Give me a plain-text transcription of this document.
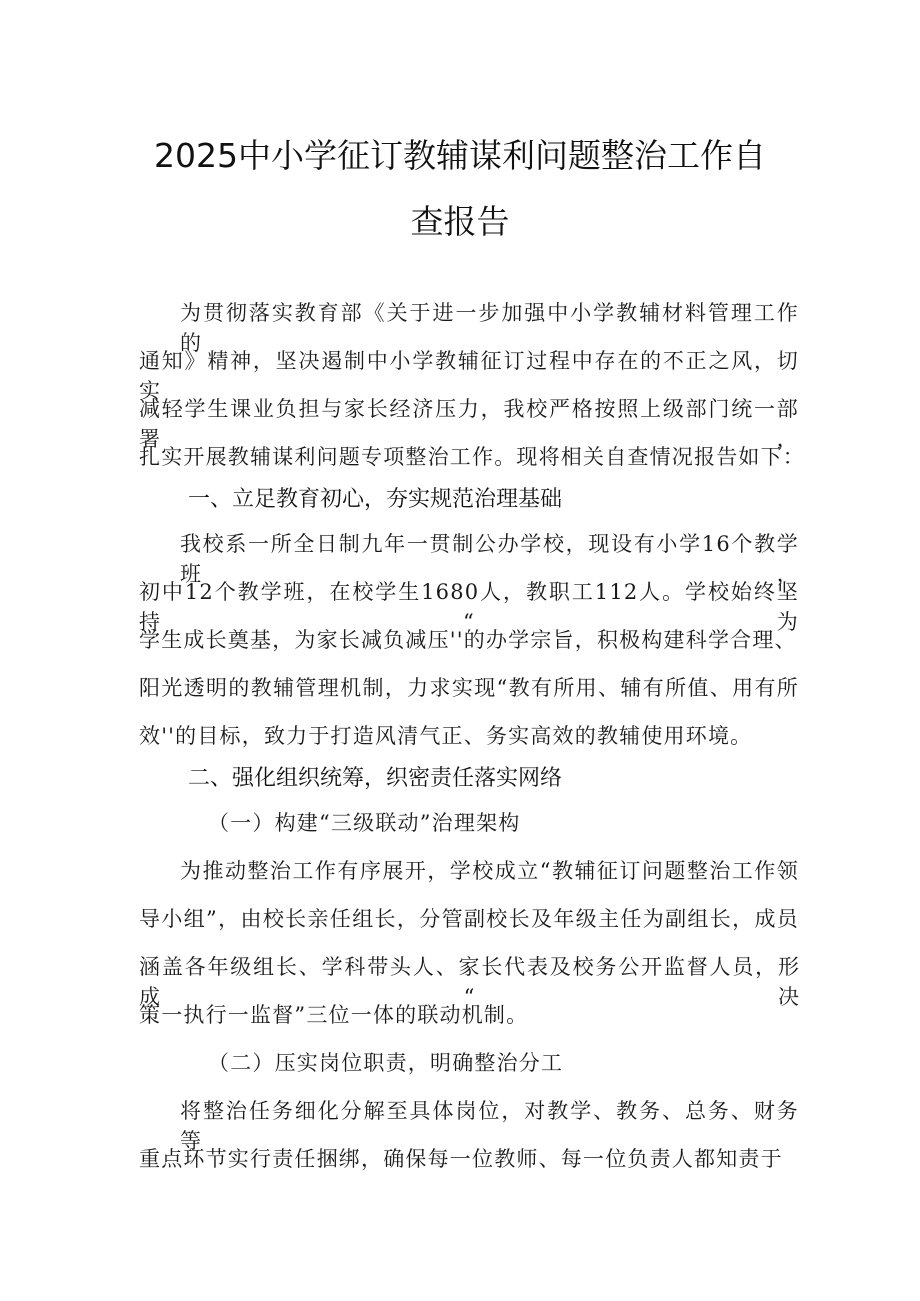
2025中小学征订教辅谋利问题整治工作自
查报告
为贯彻落实教育部《关于进一步加强中小学教辅材料管理工作的
通知》精神，坚决遏制中小学教辅征订过程中存在的不正之风，切实
减轻学生课业负担与家长经济压力，我校严格按照上级部门统一部署，
扎实开展教辅谋利问题专项整治工作。现将相关自查情况报告如下：
一、立足教育初心，夯实规范治理基础
我校系一所全日制九年一贯制公办学校，现设有小学16个教学班，
初中12个教学班，在校学生1680人，教职工112人。学校始终坚持“为
学生成长奠基，为家长减负减压''的办学宗旨，积极构建科学合理、
阳光透明的教辅管理机制，力求实现“教有所用、辅有所值、用有所
效''的目标，致力于打造风清气正、务实高效的教辅使用环境。
二、强化组织统筹，织密责任落实网络
（一）构建“三级联动”治理架构
为推动整治工作有序展开，学校成立“教辅征订问题整治工作领
导小组”，由校长亲任组长，分管副校长及年级主任为副组长，成员
涵盖各年级组长、学科带头人、家长代表及校务公开监督人员，形成“决
策一执行一监督”三位一体的联动机制。
（二）压实岗位职责，明确整治分工
将整治任务细化分解至具体岗位，对教学、教务、总务、财务等
重点环节实行责任捆绑，确保每一位教师、每一位负责人都知责于
